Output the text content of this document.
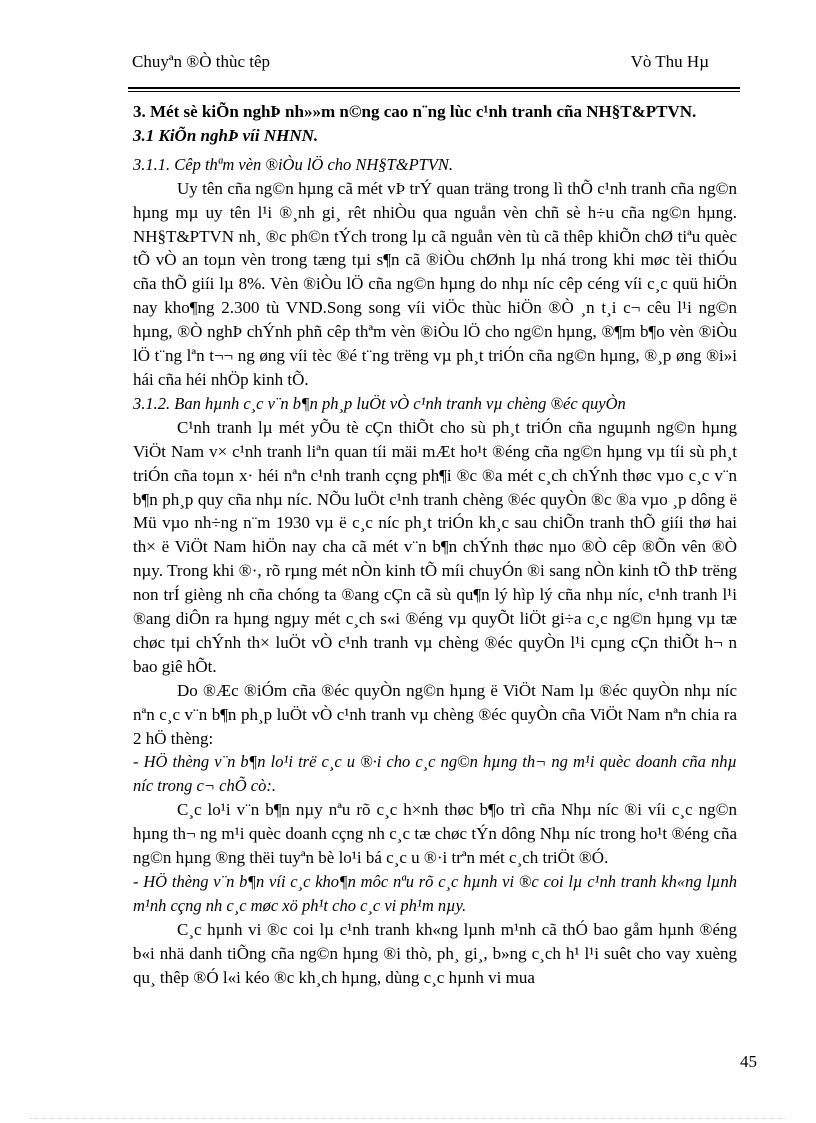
Chuyªn ®Ò thùc têp	Vò Thu Hµ

3. Mét sè kiÕn nghÞ nh»»m n©ng cao n¨ng lùc c¹nh tranh cña NH§T&PTVN.

3.1 KiÕn nghÞ víi NHNN.

3.1.1. Cêp thªm vèn ®iÒu lÖ cho NH§T&PTVN.

Uy tên cña ng©n hµng cã mét vÞ trÝ quan träng trong lì thÕ c¹nh tranh cña ng©n hµng mµ uy tên l¹i ®¸nh gi¸ rêt nhiÒu qua nguån vèn chñ sè h÷u cña ng©n hµng. NH§T&PTVN nh¸ ®c ph©n tÝch trong lµ cã nguån vèn tù cã thêp khiÕn chØ tiªu quèc tÕ vÒ an toµn vèn trong tæng tµi s¶n cã ®iÒu chØnh lµ nhá trong khi møc tèi thiÓu cña thÕ giíi lµ 8%. Vèn ®iÒu lÖ cña ng©n hµng do nhµ níc cêp céng víi c¸c quü hiÖn nay kho¶ng 2.300 tù VND.Song song víi viÖc thùc hiÖn ®Ò ¸n t¸i c¬ cêu l¹i ng©n hµng, ®Ò nghÞ chÝnh phñ cêp thªm vèn ®iÒu lÖ cho ng©n hµng, ®¶m b¶o vèn ®iÒu lÖ t¨ng lªn t¬¬ ng øng víi tèc ®é t¨ng trëng vµ ph¸t triÓn cña ng©n hµng, ®¸p øng ®i»i hái cña héi nhÖp kinh tÕ.

3.1.2. Ban hµnh c¸c v¨n b¶n ph¸p luÖt vÒ c¹nh tranh vµ chèng ®éc quyÒn

C¹nh tranh lµ mét yÕu tè cÇn thiÕt cho sù ph¸t triÓn cña nguµnh ng©n hµng ViÖt Nam v× c¹nh tranh liªn quan tíi mäi mÆt ho¹t ®éng cña ng©n hµng vµ tíi sù ph¸t triÓn cña toµn x· héi nªn c¹nh tranh cçng ph¶i ®c ®a mét c¸ch chÝnh thøc vµo c¸c v¨n b¶n ph¸p quy cña nhµ níc. NÕu luÖt c¹nh tranh chèng ®éc quyÒn ®c ®a vµo ¸p dông ë Mü vµo nh÷ng n¨m 1930 vµ ë c¸c níc ph¸t triÓn kh¸c sau chiÕn tranh thÕ giíi thø hai th× ë ViÖt Nam hiÖn nay cha cã mét v¨n b¶n chÝnh thøc nµo ®Ò cêp ®Õn vên ®Ò nµy. Trong khi ®·, rõ rµng mét nÒn kinh tÕ míi chuyÓn ®i sang nÒn kinh tÕ thÞ trëng non trÍ gièng nh cña chóng ta ®ang cÇn cã sù qu¶n lý hìp lý cña nhµ níc, c¹nh tranh l¹i ®ang diÔn ra hµng ngµy mét c¸ch s«i ®éng vµ quyÕt liÖt gi÷a c¸c ng©n hµng vµ tæ chøc tµi chÝnh th× luÖt vÒ c¹nh tranh vµ chèng ®éc quyÒn l¹i cµng cÇn thiÕt h¬ n bao giê hÕt.

Do ®Æc ®iÓm cña ®éc quyÒn ng©n hµng ë ViÖt Nam lµ ®éc quyÒn nhµ níc nªn c¸c v¨n b¶n ph¸p luÖt vÒ c¹nh tranh vµ chèng ®éc quyÒn cña ViÖt Nam nªn chia ra 2 hÖ thèng:

- HÖ thèng v¨n b¶n lo¹i trë c¸c u ®·i cho c¸c ng©n hµng th¬ ng m¹i quèc doanh cña nhµ níc trong c¬ chÕ cò:.

C¸c lo¹i v¨n b¶n nµy nªu rõ c¸c h×nh thøc b¶o trì cña Nhµ níc ®i víi c¸c ng©n hµng th¬ ng m¹i quèc doanh cçng nh c¸c tæ chøc tÝn dông Nhµ níc trong ho¹t ®éng cña ng©n hµng ®ng thëi tuyªn bè lo¹i bá c¸c u ®·i trªn mét c¸ch triÖt ®Ó.

- HÖ thèng v¨n b¶n víi c¸c kho¶n môc nªu rõ c¸c hµnh vi ®c coi lµ c¹nh tranh kh«ng lµnh m¹nh cçng nh c¸c møc xö ph¹t cho c¸c vi ph¹m nµy.

C¸c hµnh vi ®c coi lµ c¹nh tranh kh«ng lµnh m¹nh cã thÓ bao gåm hµnh ®éng b«i nhä danh tiÕng cña ng©n hµng ®i thò, ph¸ gi¸, b»ng c¸ch h¹ l¹i suêt cho vay xuèng qu¸ thêp ®Ó l«i kéo ®c kh¸ch hµng, dùng c¸c hµnh vi mua

45
